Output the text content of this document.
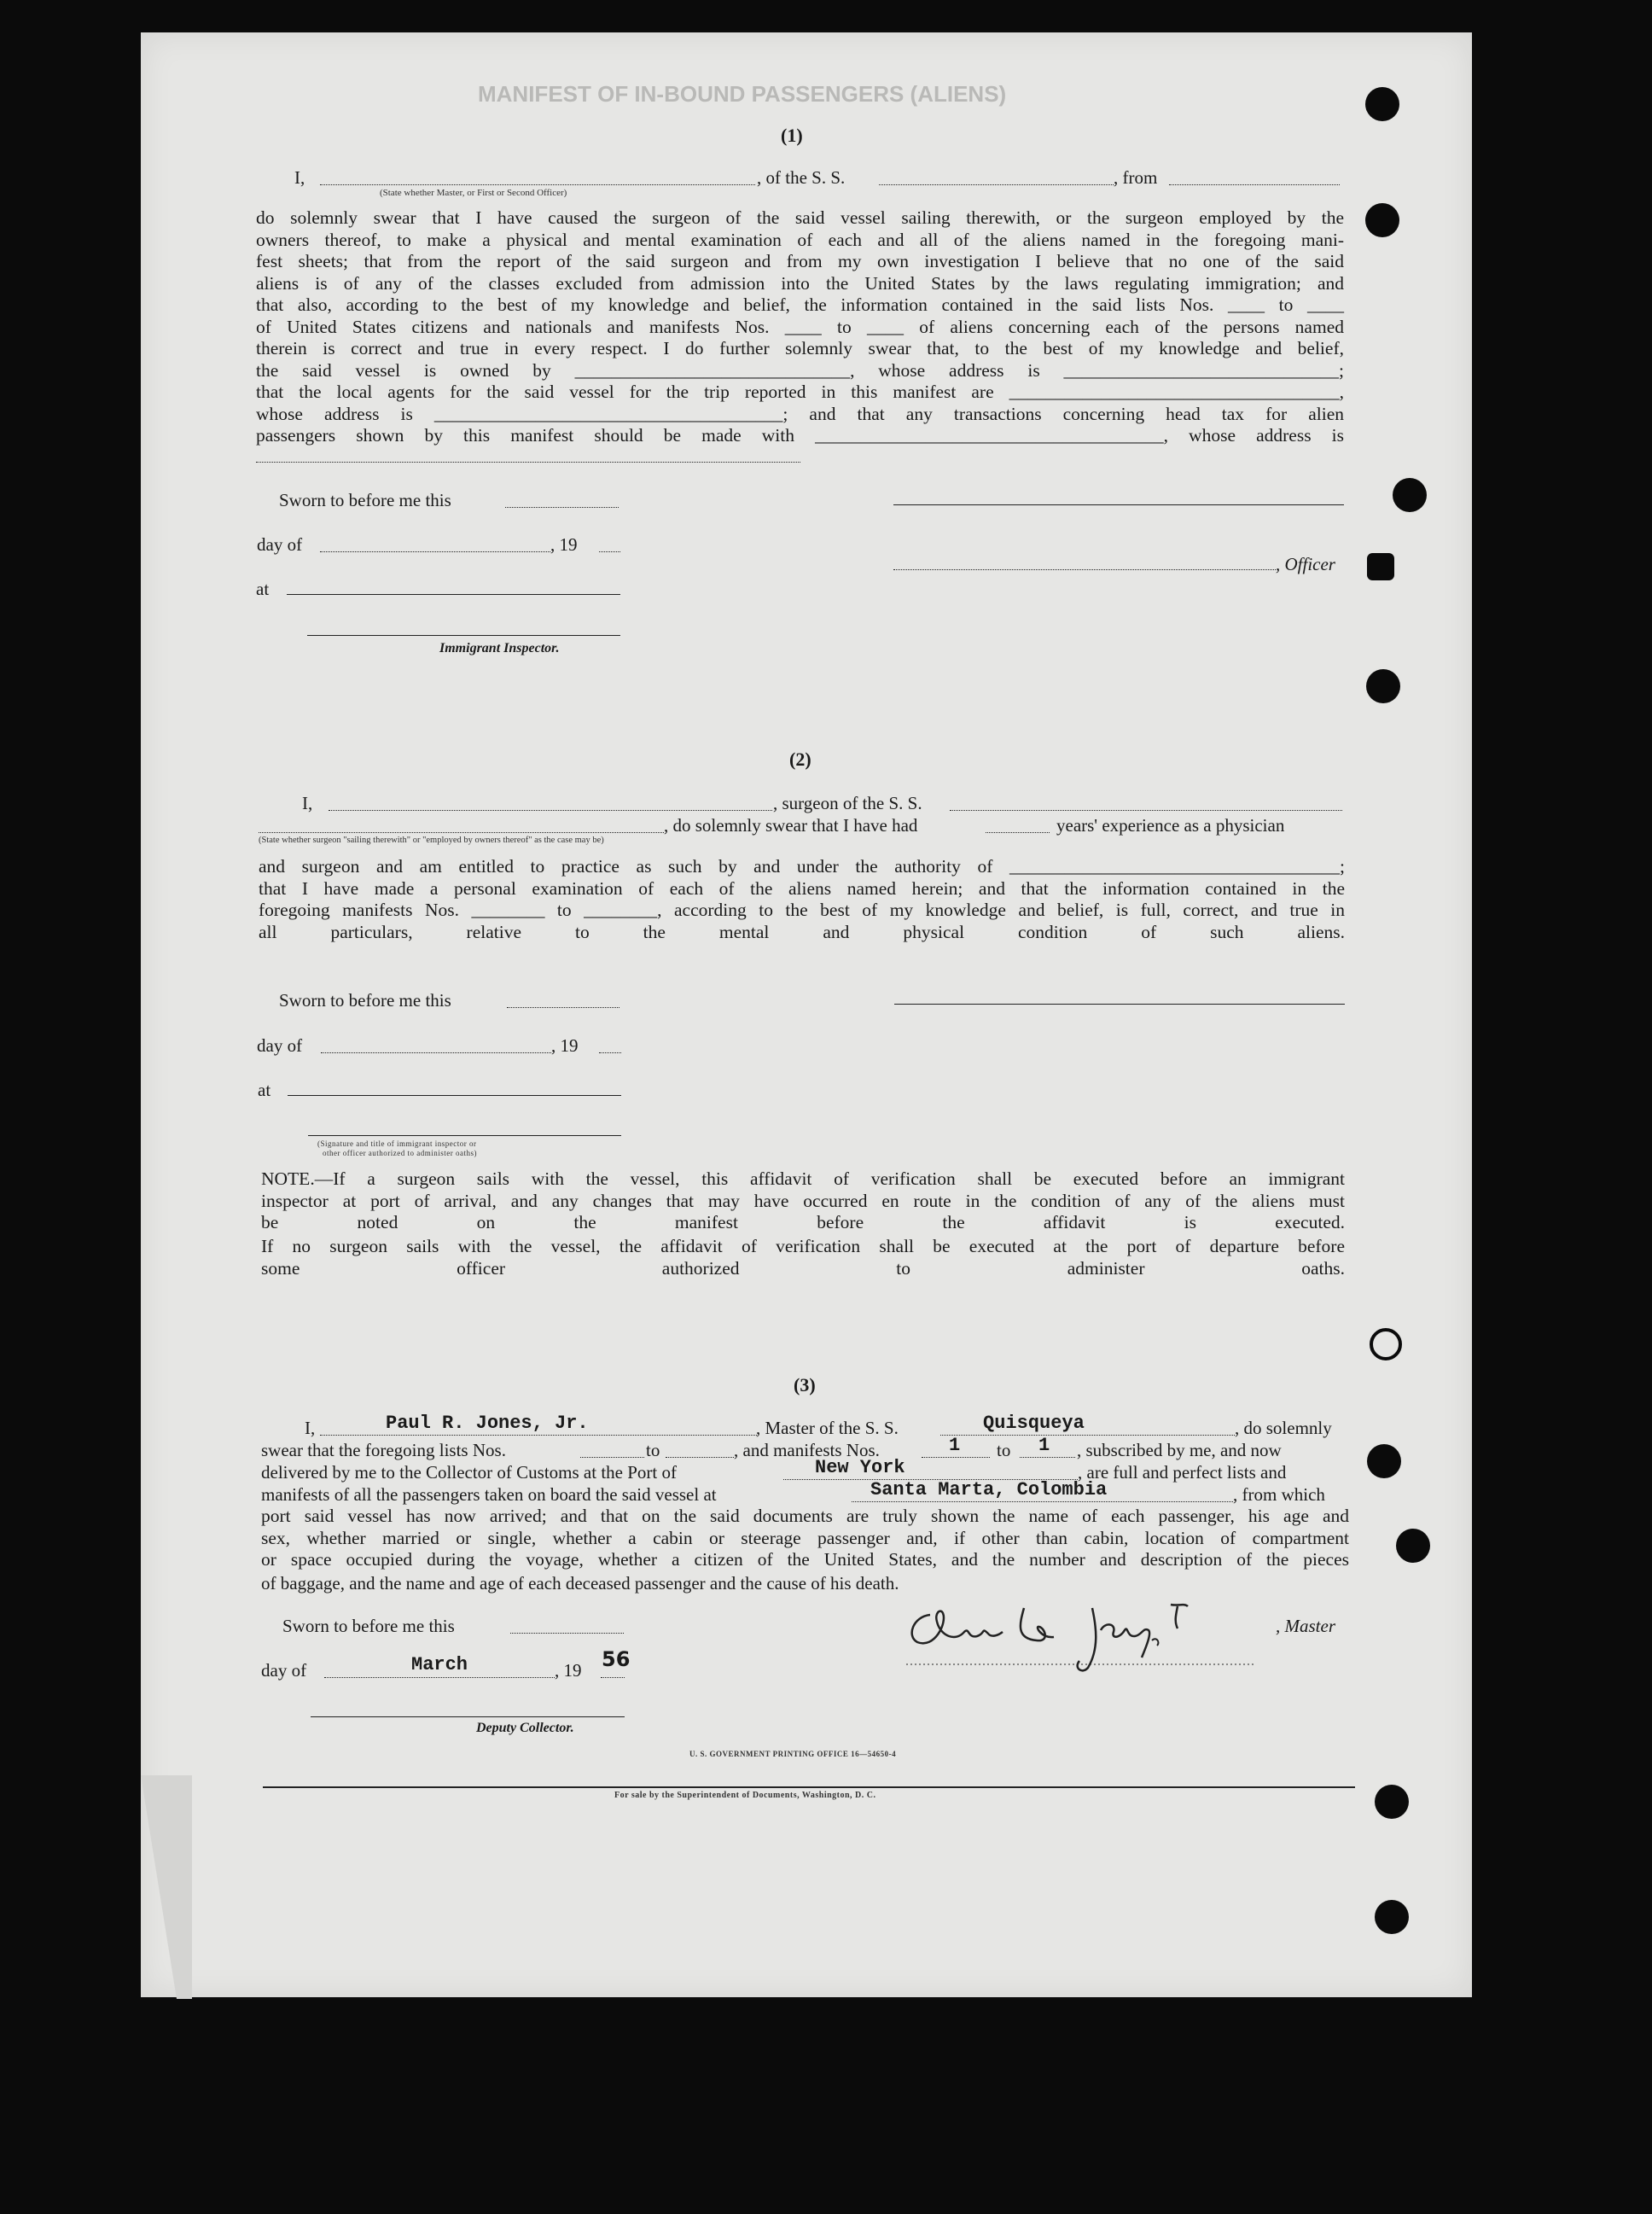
MANIFEST OF IN-BOUND PASSENGERS (ALIENS)
(1)
I,
(State whether Master, or First or Second Officer)
, of the S. S.	, from
do solemnly swear that I have caused the surgeon of the said vessel sailing therewith, or the surgeon employed by the
owners thereof, to make a physical and mental examination of each and all of the aliens named in the foregoing mani-
fest sheets; that from the report of the said surgeon and from my own investigation I believe that no one of the said
aliens is of any of the classes excluded from admission into the United States by the laws regulating immigration; and
that also, according to the best of my knowledge and belief, the information contained in the said lists Nos. ____ to ____
of United States citizens and nationals and manifests Nos. ____ to ____ of aliens concerning each of the persons named
therein is correct and true in every respect. I do further solemnly swear that, to the best of my knowledge and belief,
the said vessel is owned by ______________________________, whose address is ______________________________;
that the local agents for the said vessel for the trip reported in this manifest are ____________________________________,
whose address is ______________________________________; and that any transactions concerning head tax for alien
passengers shown by this manifest should be made with ______________________________________, whose address is
Sworn to before me this
day of	, 19
, Officer
at
Immigrant Inspector.
(2)
I,	, surgeon of the S. S.
, do solemnly swear that I have had	years' experience as a physician
(State whether surgeon "sailing therewith" or "employed by owners thereof" as the case may be)
and surgeon and am entitled to practice as such by and under the authority of ____________________________________;
that I have made a personal examination of each of the aliens named herein; and that the information contained in the
foregoing manifests Nos. ________ to ________, according to the best of my knowledge and belief, is full, correct, and true in
all particulars, relative to the mental and physical condition of such aliens.
Sworn to before me this
day of	, 19
at
(Signature and title of immigrant inspector or
other officer authorized to administer oaths)
NOTE.—If a surgeon sails with the vessel, this affidavit of verification shall be executed before an immigrant
inspector at port of arrival, and any changes that may have occurred en route in the condition of any of the aliens must
be noted on the manifest before the affidavit is executed.
If no surgeon sails with the vessel, the affidavit of verification shall be executed at the port of departure before
some officer authorized to administer oaths.
(3)
I,	Paul R. Jones, Jr.	, Master of the S. S.	Quisqueya	, do solemnly
swear that the foregoing lists Nos.	to	, and manifests Nos.	1 to 1 , subscribed by me, and now
delivered by me to the Collector of Customs at the Port of	New York	, are full and perfect lists and
manifests of all the passengers taken on board the said vessel at	Santa Marta, Colombia	, from which
port said vessel has now arrived; and that on the said documents are truly shown the name of each passenger, his age and
sex, whether married or single, whether a cabin or steerage passenger and, if other than cabin, location of compartment
or space occupied during the voyage, whether a citizen of the United States, and the number and description of the pieces
of baggage, and the name and age of each deceased passenger and the cause of his death.
Sworn to before me this	, Master
day of	March	, 19 56
Deputy Collector.
U. S. GOVERNMENT PRINTING OFFICE 16—54650-4
For sale by the Superintendent of Documents, Washington, D. C.
